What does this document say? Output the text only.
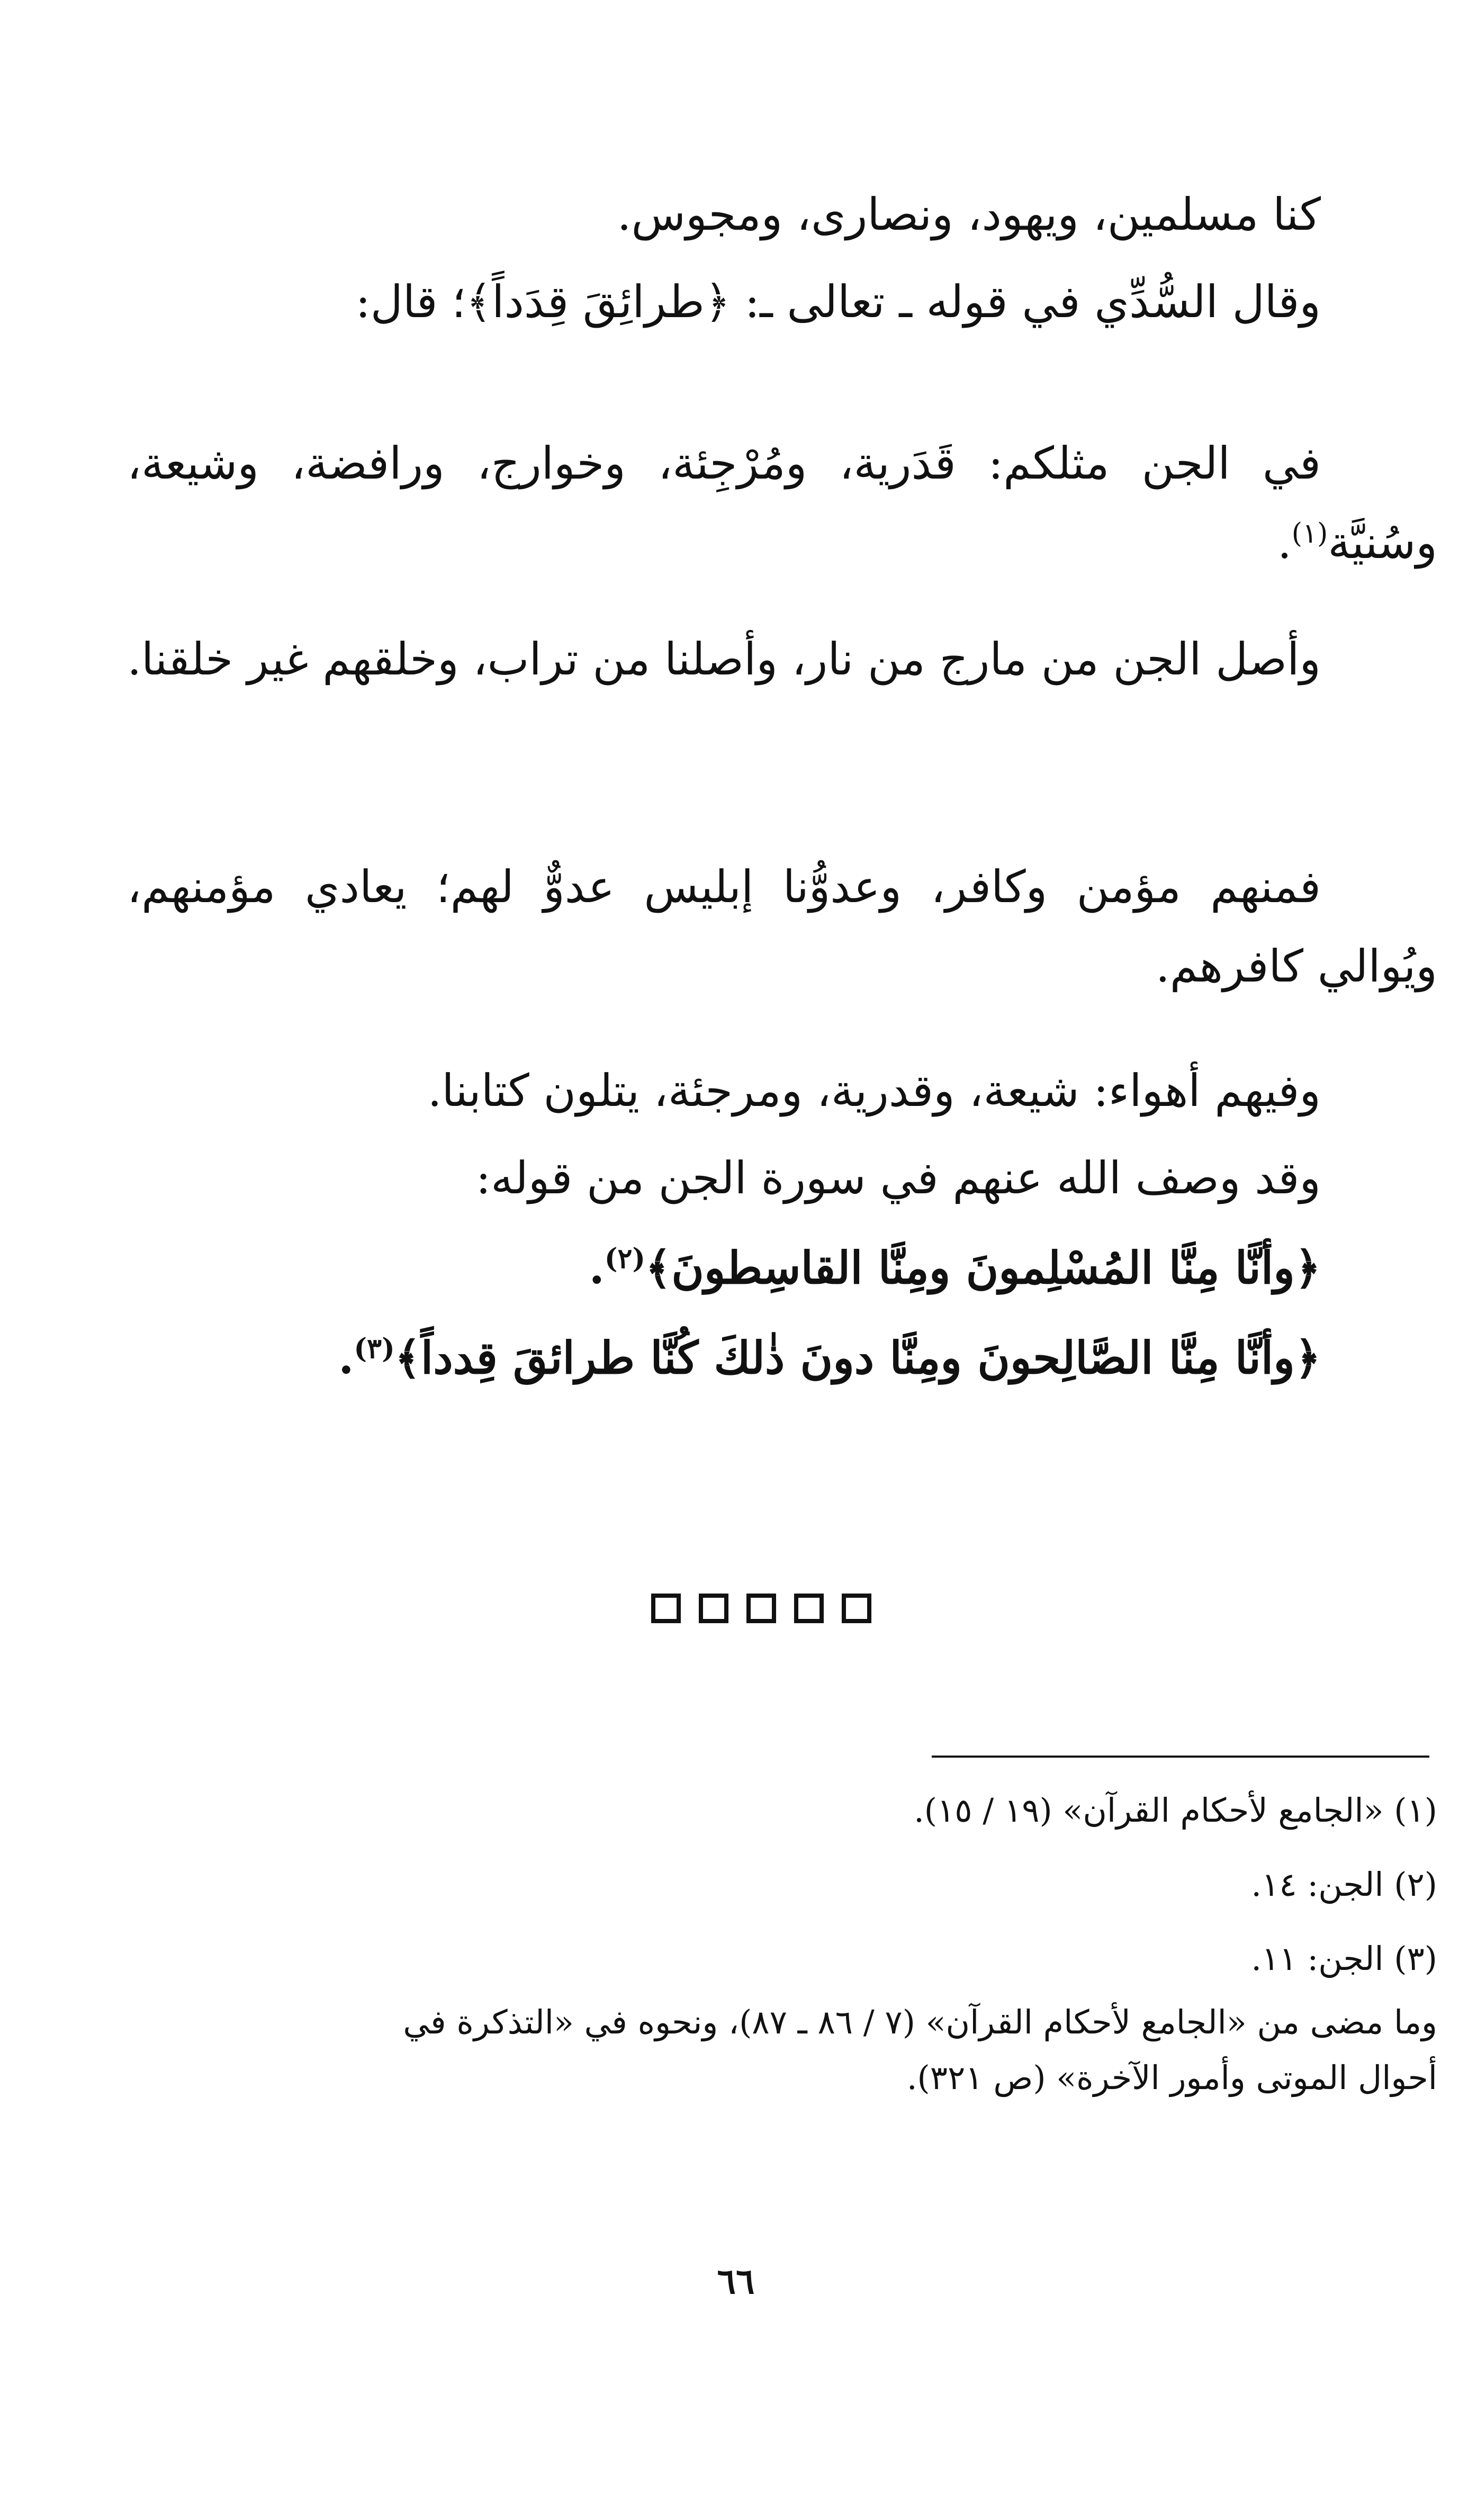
كنا مسلمين، ويهود، ونصارى، ومجوس.

وقال السُّدِّي في قوله ـ تعالى ـ: ﴿طرائِقَ قِدَداً﴾؛ قال:

في الجن مثلكم: قَدَرية، ومُرْجِئة، وخوارج، ورافضة، وشيعة، وسُنيَّة$^{(١)}$.

وأصل الجن من مارج من نار، وأصلنا من تراب، وخلقهم غير خلقنا.

فمنهم مؤمن وكافر، وعدوُّنا إبليس عدوٌّ لهم؛ يعادي مؤمنهم، ويُوالي كافرهم.

وفيهم أهواء: شيعة، وقدرية، ومرجئة، يتلون كتابنا.

وقد وصف الله عنهم في سورة الجن من قوله:

﴿وأنَّا مِنَّا المُسْلِمونَ ومِنَّا القاسِطونَ﴾$^{(٢)}$.

﴿وأنَّا مِنَّا الصَّالِحونَ ومِنَّا دونَ ذٰلكَ كُنَّا طرائقَ قِدداً﴾$^{(٣)}$.

(١) «الجامع لأحكام القرآن» (١٩ / ١٥).

(٢) الجن: ١٤.

(٣) الجن: ١١.

وما مضى من «الجامع لأحكام القرآن» (٧ / ٨٦ ـ ٨٧)، ونحوه في «التذكرة في

أحوال الموتى وأمور الآخرة» (ص ٣٢١).

٦٦
